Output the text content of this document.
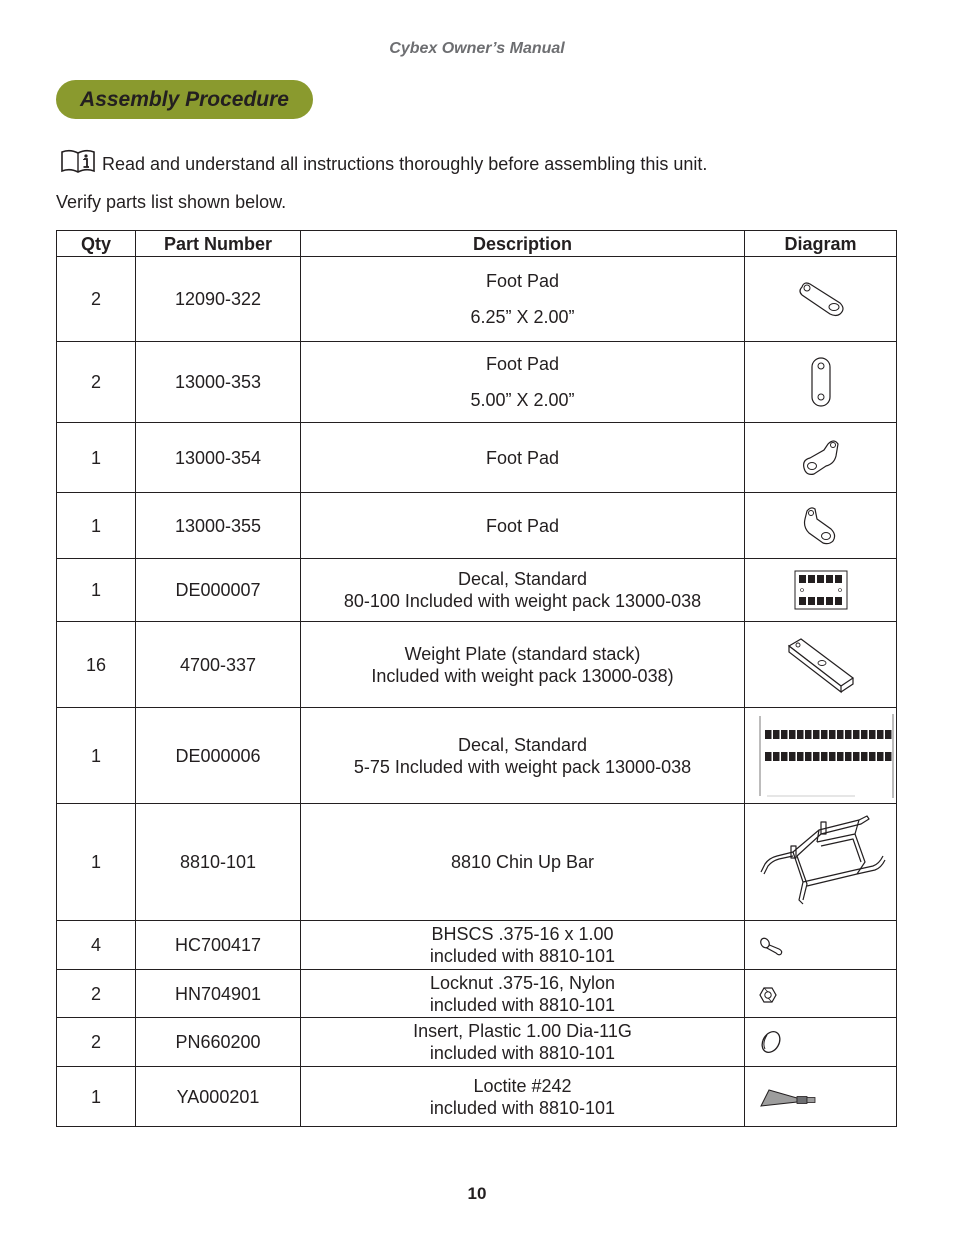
Cybex Owner’s Manual
Assembly Procedure
Read and understand all instructions thoroughly before assembling this unit.
Verify parts list shown below.
Qty	Part Number	Description	Diagram
2	12090-322	Foot Pad
6.25” X 2.00”

2	13000-353	Foot Pad
5.00” X 2.00”

1	13000-354	Foot Pad

1	13000-355	Foot Pad

1	DE000007	Decal, Standard
80-100 Included with weight pack 13000-038

16	4700-337	Weight Plate (standard stack)
Included with weight pack 13000-038)

1	DE000006	Decal, Standard
5-75 Included with weight pack 13000-038

1	8810-101	8810 Chin Up Bar

4	HC700417	BHSCS .375-16 x 1.00
included with 8810-101

2	HN704901	Locknut .375-16, Nylon
included with 8810-101

2	PN660200	Insert, Plastic 1.00 Dia-11G
included with 8810-101

1	YA000201	Loctite #242
included with 8810-101

10
